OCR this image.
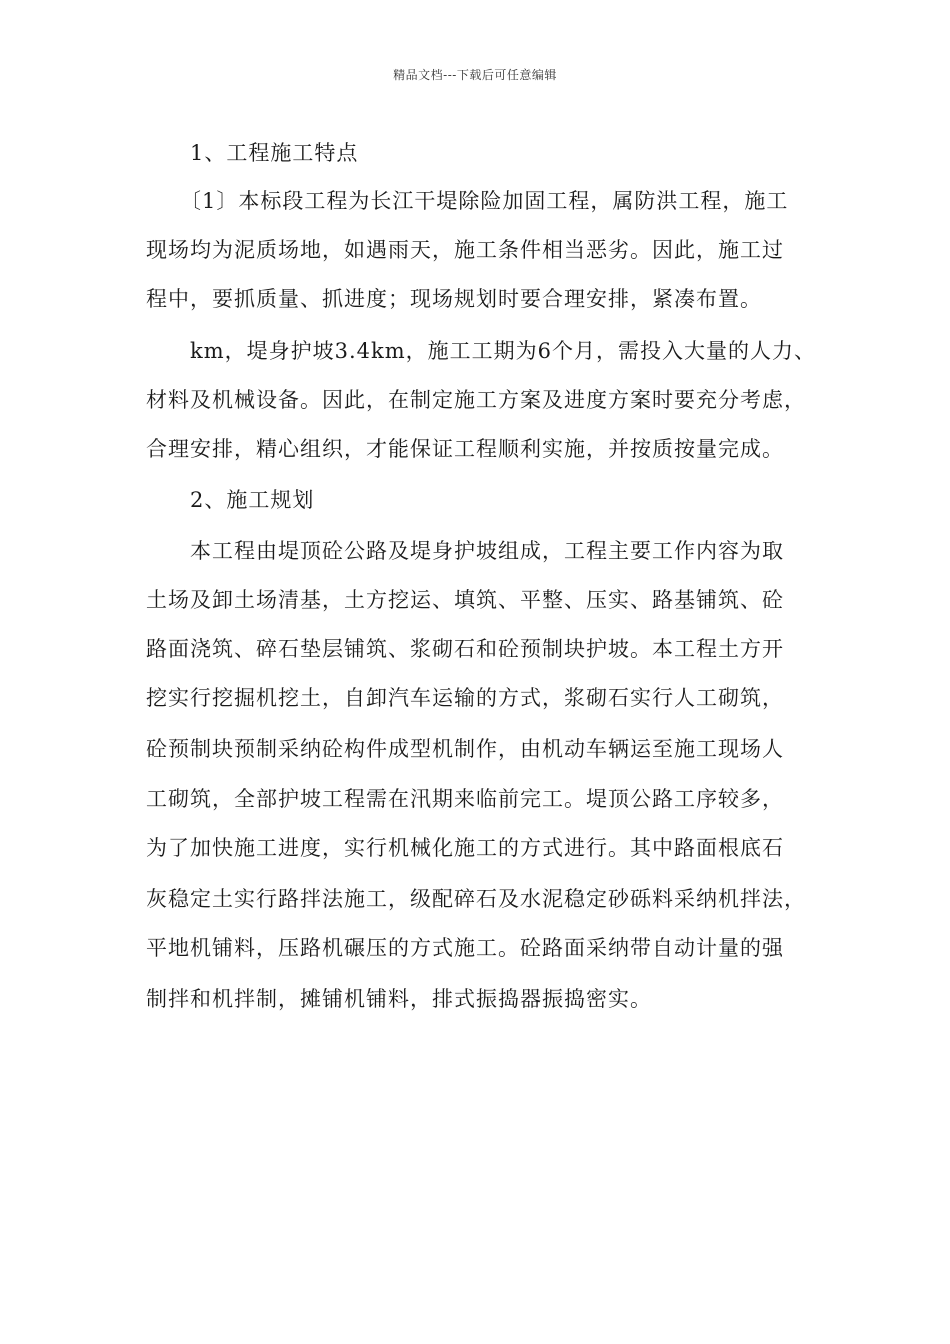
精品文档---下载后可任意编辑
1、工程施工特点
〔1〕本标段工程为长江干堤除险加固工程，属防洪工程，施工
现场均为泥质场地，如遇雨天，施工条件相当恶劣。因此，施工过
程中，要抓质量、抓进度；现场规划时要合理安排，紧凑布置。
km，堤身护坡3.4km，施工工期为6个月，需投入大量的人力、
材料及机械设备。因此，在制定施工方案及进度方案时要充分考虑，
合理安排，精心组织，才能保证工程顺利实施，并按质按量完成。
2、施工规划
本工程由堤顶砼公路及堤身护坡组成，工程主要工作内容为取
土场及卸土场清基，土方挖运、填筑、平整、压实、路基铺筑、砼
路面浇筑、碎石垫层铺筑、浆砌石和砼预制块护坡。本工程土方开
挖实行挖掘机挖土，自卸汽车运输的方式，浆砌石实行人工砌筑，
砼预制块预制采纳砼构件成型机制作，由机动车辆运至施工现场人
工砌筑，全部护坡工程需在汛期来临前完工。堤顶公路工序较多，
为了加快施工进度，实行机械化施工的方式进行。其中路面根底石
灰稳定土实行路拌法施工，级配碎石及水泥稳定砂砾料采纳机拌法，
平地机铺料，压路机碾压的方式施工。砼路面采纳带自动计量的强
制拌和机拌制，摊铺机铺料，排式振捣器振捣密实。
